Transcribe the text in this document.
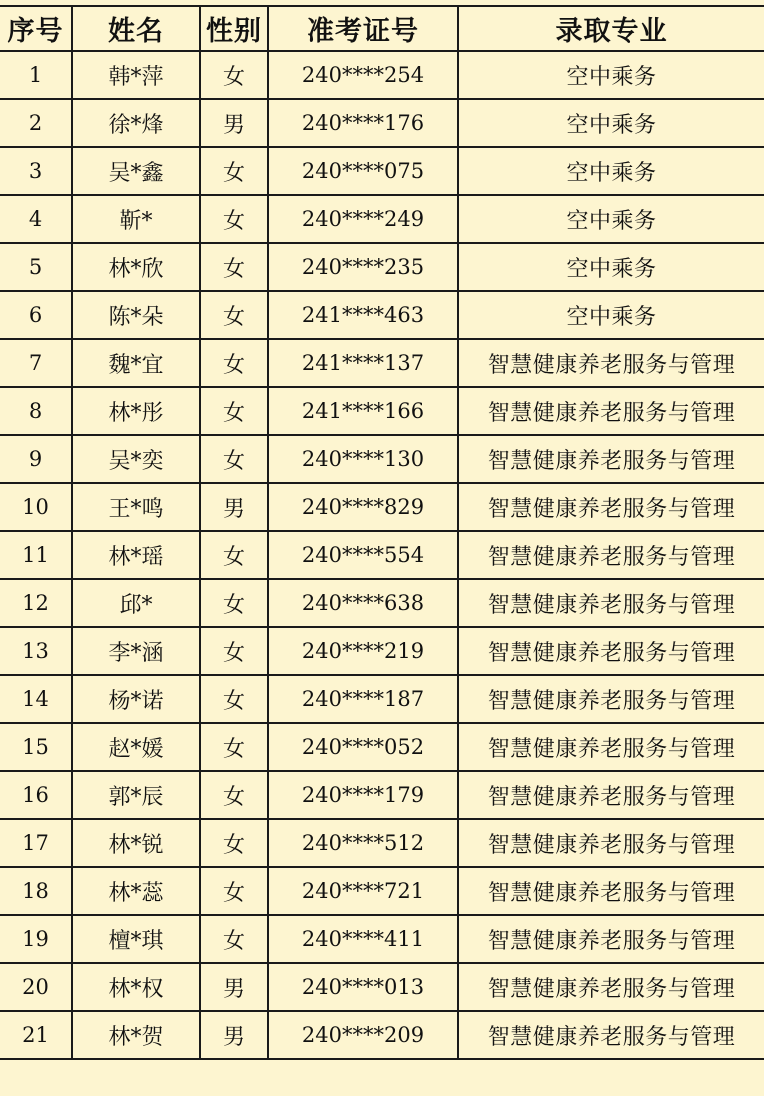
序号	姓名	性别	准考证号	录取专业
1	韩*萍	女	240****254	空中乘务
2	徐*烽	男	240****176	空中乘务
3	吴*鑫	女	240****075	空中乘务
4	靳*	女	240****249	空中乘务
5	林*欣	女	240****235	空中乘务
6	陈*朵	女	241****463	空中乘务
7	魏*宜	女	241****137	智慧健康养老服务与管理
8	林*彤	女	241****166	智慧健康养老服务与管理
9	吴*奕	女	240****130	智慧健康养老服务与管理
10	王*鸣	男	240****829	智慧健康养老服务与管理
11	林*瑶	女	240****554	智慧健康养老服务与管理
12	邱*	女	240****638	智慧健康养老服务与管理
13	李*涵	女	240****219	智慧健康养老服务与管理
14	杨*诺	女	240****187	智慧健康养老服务与管理
15	赵*媛	女	240****052	智慧健康养老服务与管理
16	郭*辰	女	240****179	智慧健康养老服务与管理
17	林*锐	女	240****512	智慧健康养老服务与管理
18	林*蕊	女	240****721	智慧健康养老服务与管理
19	檀*琪	女	240****411	智慧健康养老服务与管理
20	林*权	男	240****013	智慧健康养老服务与管理
21	林*贺	男	240****209	智慧健康养老服务与管理
